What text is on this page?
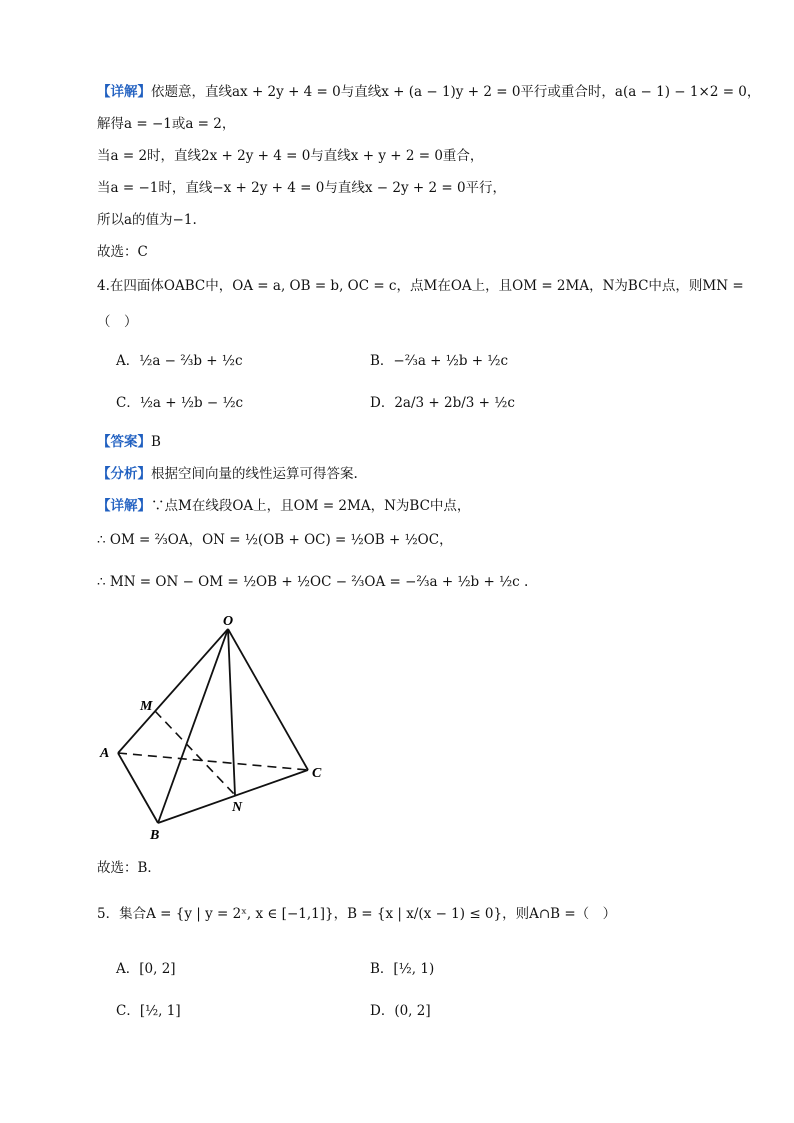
【详解】依题意，直线ax + 2y + 4 = 0与直线x + (a − 1)y + 2 = 0平行或重合时，a(a − 1) − 1×2 = 0，
解得a = −1或a = 2，
当a = 2时，直线2x + 2y + 4 = 0与直线x + y + 2 = 0重合，
当a = −1时，直线−x + 2y + 4 = 0与直线x − 2y + 2 = 0平行，
所以a的值为−1.
故选：C
4.在四面体OABC中，OA = a, OB = b, OC = c，点M在OA上，且OM = 2MA，N为BC中点，则MN =
（　）
A．½a − ⅔b + ½c	B．−⅔a + ½b + ½c
C．½a + ½b − ½c	D．2a/3 + 2b/3 + ½c
【答案】B
【分析】根据空间向量的线性运算可得答案.
【详解】∵点M在线段OA上，且OM = 2MA，N为BC中点，
∴ OM = ⅔OA，ON = ½(OB + OC) = ½OB + ½OC，
∴ MN = ON − OM = ½OB + ½OC − ⅔OA = −⅔a + ½b + ½c .
O
M
A
B
C
N
故选：B．
5．集合A = {y | y = 2ˣ, x ∈ [−1,1]}，B = {x | x/(x − 1) ≤ 0}，则A∩B =（　）
A．[0, 2]	B．[½, 1)
C．[½, 1]	D．(0, 2]
